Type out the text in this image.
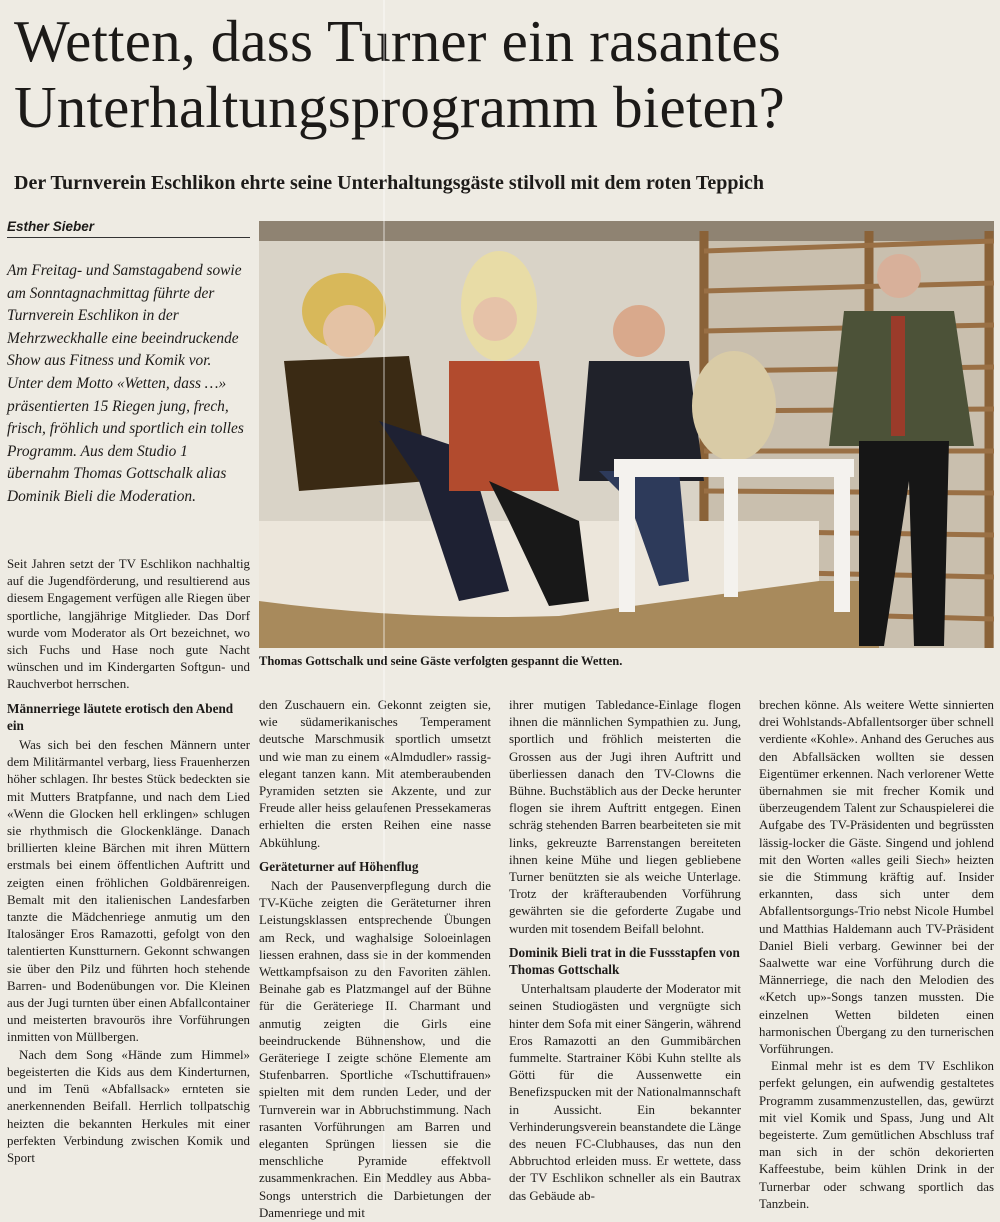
Wetten, dass Turner ein rasantes Unterhaltungsprogramm bieten?
Der Turnverein Eschlikon ehrte seine Unterhaltungsgäste stilvoll mit dem roten Teppich
Esther Sieber

Am Freitag- und Samstagabend sowie am Sonntagnachmittag führte der Turnverein Eschlikon in der Mehrzweckhalle eine beeindruckende Show aus Fitness und Komik vor. Unter dem Motto «Wetten, dass …» präsentierten 15 Riegen jung, frech, frisch, fröhlich und sportlich ein tolles Programm. Aus dem Studio 1 übernahm Thomas Gottschalk alias Dominik Bieli die Moderation.

Thomas Gottschalk und seine Gäste verfolgten gespannt die Wetten.

Seit Jahren setzt der TV Eschlikon nachhaltig auf die Jugendförderung, und resultierend aus diesem Engagement verfügen alle Riegen über sportliche, langjährige Mitglieder. Das Dorf wurde vom Moderator als Ort bezeichnet, wo sich Fuchs und Hase noch gute Nacht wünschen und im Kindergarten Softgun- und Rauchverbot herrschen.

Männerriege läutete erotisch den Abend ein

Was sich bei den feschen Männern unter dem Militärmantel verbarg, liess Frauenherzen höher schlagen. Ihr bestes Stück bedeckten sie mit Mutters Bratpfanne, und nach dem Lied «Wenn die Glocken hell erklingen» schlugen sie rhythmisch die Glockenklänge. Danach brillierten kleine Bärchen mit ihren Müttern erstmals bei einem öffentlichen Auftritt und zeigten einen fröhlichen Goldbärenreigen. Bemalt mit den italienischen Landesfarben tanzte die Mädchenriege anmutig um den Italosänger Eros Ramazotti, gefolgt von den talentierten Kunstturnern. Gekonnt schwangen sie über den Pilz und führten hoch stehende Barren- und Bodenübungen vor. Die Kleinen aus der Jugi turnten über einen Abfallcontainer und meisterten bravourös ihre Vorführungen inmitten von Müllbergen.

Nach dem Song «Hände zum Himmel» begeisterten die Kids aus dem Kinderturnen, und im Tenü «Abfallsack» ernteten sie anerkennenden Beifall. Herrlich tollpatschig heizten die bekannten Herkules mit einer perfekten Verbindung zwischen Komik und Sport

den Zuschauern ein. Gekonnt zeigten sie, wie südamerikanisches Temperament deutsche Marschmusik sportlich umsetzt und wie man zu einem «Almdudler» rassig-elegant tanzen kann. Mit atemberaubenden Pyramiden setzten sie Akzente, und zur Freude aller heiss gelaufenen Pressekameras erhielten die ersten Reihen eine nasse Abkühlung.

Geräteturner auf Höhenflug

Nach der Pausenverpflegung durch die TV-Küche zeigten die Geräteturner ihren Leistungsklassen entsprechende Übungen am Reck, und waghalsige Soloeinlagen liessen erahnen, dass sie in der kommenden Wettkampfsaison zu den Favoriten zählen. Beinahe gab es Platzmangel auf der Bühne für die Geräteriege II. Charmant und anmutig zeigten die Girls eine beeindruckende Bühnenshow, und die Geräteriege I zeigte schöne Elemente am Stufenbarren. Sportliche «Tschuttifrauen» spielten mit dem runden Leder, und der Turnverein war in Abbruchstimmung. Nach rasanten Vorführungen am Barren und eleganten Sprüngen liessen sie die menschliche Pyramide effektvoll zusammenkrachen. Ein Meddley aus Abba-Songs unterstrich die Darbietungen der Damenriege und mit

ihrer mutigen Tabledance-Einlage flogen ihnen die männlichen Sympathien zu. Jung, sportlich und fröhlich meisterten die Grossen aus der Jugi ihren Auftritt und überliessen danach den TV-Clowns die Bühne. Buchstäblich aus der Decke herunter flogen sie ihrem Auftritt entgegen. Einen schräg stehenden Barren bearbeiteten sie mit links, gekreuzte Barrenstangen bereiteten ihnen keine Mühe und liegen gebliebene Turner benützten sie als weiche Unterlage. Trotz der kräfteraubenden Vorführung gewährten sie die geforderte Zugabe und wurden mit tosendem Beifall belohnt.

Dominik Bieli trat in die Fussstapfen von Thomas Gottschalk

Unterhaltsam plauderte der Moderator mit seinen Studiogästen und vergnügte sich hinter dem Sofa mit einer Sängerin, während Eros Ramazotti an den Gummibärchen fummelte. Startrainer Köbi Kuhn stellte als Götti für die Aussenwette ein Benefizspucken mit der Nationalmannschaft in Aussicht. Ein bekannter Verhinderungsverein beanstandete die Länge des neuen FC-Clubhauses, das nun den Abbruchtod erleiden muss. Er wettete, dass der TV Eschlikon schneller als ein Bautrax das Gebäude ab-

brechen könne. Als weitere Wette sinnierten drei Wohlstands-Abfallentsorger über schnell verdiente «Kohle». Anhand des Geruches aus den Abfallsäcken wollten sie dessen Eigentümer erkennen. Nach verlorener Wette übernahmen sie mit frecher Komik und überzeugendem Talent zur Schauspielerei die Aufgabe des TV-Präsidenten und begrüssten lässig-locker die Gäste. Singend und johlend mit den Worten «alles geili Siech» heizten sie die Stimmung kräftig auf. Insider erkannten, dass sich unter dem Abfallentsorgungs-Trio nebst Nicole Humbel und Matthias Haldemann auch TV-Präsident Daniel Bieli verbarg. Gewinner bei der Saalwette war eine Vorführung durch die Männerriege, die nach den Melodien des «Ketch up»-Songs tanzen mussten. Die einzelnen Wetten bildeten einen harmonischen Übergang zu den turnerischen Vorführungen.

Einmal mehr ist es dem TV Eschlikon perfekt gelungen, ein aufwendig gestaltetes Programm zusammenzustellen, das, gewürzt mit viel Komik und Spass, Jung und Alt begeisterte. Zum gemütlichen Abschluss traf man sich in der schön dekorierten Kaffeestube, beim kühlen Drink in der Turnerbar oder schwang sportlich das Tanzbein.
